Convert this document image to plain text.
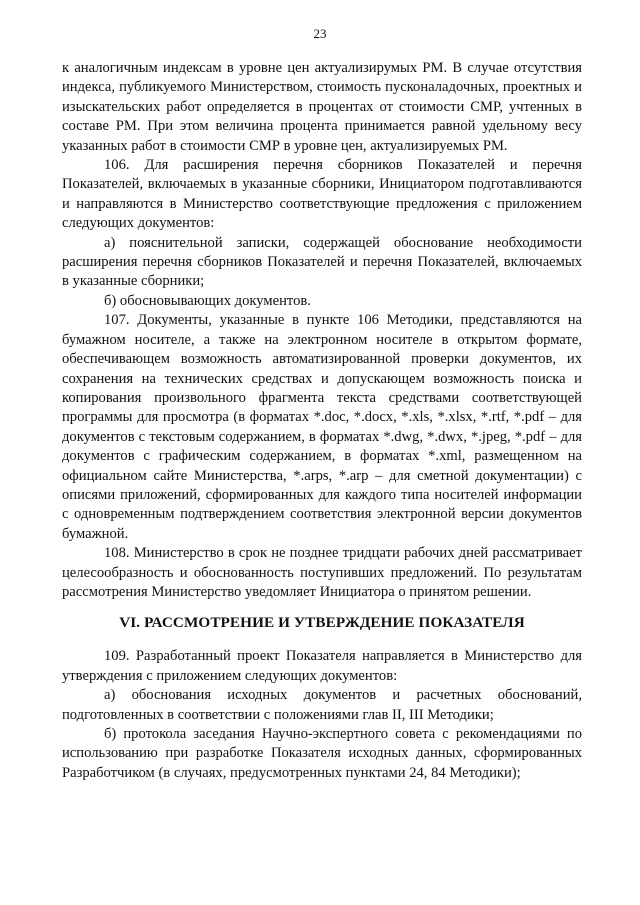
23

к аналогичным индексам в уровне цен актуализирумых РМ. В случае отсутствия индекса, публикуемого Министерством, стоимость пусконаладочных, проектных и изыскательских работ определяется в процентах от стоимости СМР, учтенных в составе РМ. При этом величина процента принимается равной удельному весу указанных работ в стоимости СМР в уровне цен, актуализируемых РМ.

106. Для расширения перечня сборников Показателей и перечня Показателей, включаемых в указанные сборники, Инициатором подготавливаются и направляются в Министерство соответствующие предложения с приложением следующих документов:

а) пояснительной записки, содержащей обоснование необходимости расширения перечня сборников Показателей и перечня Показателей, включаемых в указанные сборники;

б) обосновывающих документов.

107. Документы, указанные в пункте 106 Методики, представляются на бумажном носителе, а также на электронном носителе в открытом формате, обеспечивающем возможность автоматизированной проверки документов, их сохранения на технических средствах и допускающем возможность поиска и копирования произвольного фрагмента текста средствами соответствующей программы для просмотра (в форматах *.doc, *.docx, *.xls, *.xlsx, *.rtf, *.pdf – для документов с текстовым содержанием, в форматах *.dwg, *.dwx, *.jpeg, *.pdf – для документов с графическим содержанием, в форматах *.xml, размещенном на официальном сайте Министерства, *.arps, *.arp – для сметной документации) с описями приложений, сформированных для каждого типа носителей информации с одновременным подтверждением соответствия электронной версии документов бумажной.

108. Министерство в срок не позднее тридцати рабочих дней рассматривает целесообразность и обоснованность поступивших предложений. По результатам рассмотрения Министерство уведомляет Инициатора о принятом решении.

VI. РАССМОТРЕНИЕ И УТВЕРЖДЕНИЕ ПОКАЗАТЕЛЯ

109. Разработанный проект Показателя направляется в Министерство для утверждения с приложением следующих документов:

а) обоснования исходных документов и расчетных обоснований, подготовленных в соответствии с положениями глав II, III Методики;

б) протокола заседания Научно-экспертного совета с рекомендациями по использованию при разработке Показателя исходных данных, сформированных Разработчиком (в случаях, предусмотренных пунктами 24, 84 Методики);
